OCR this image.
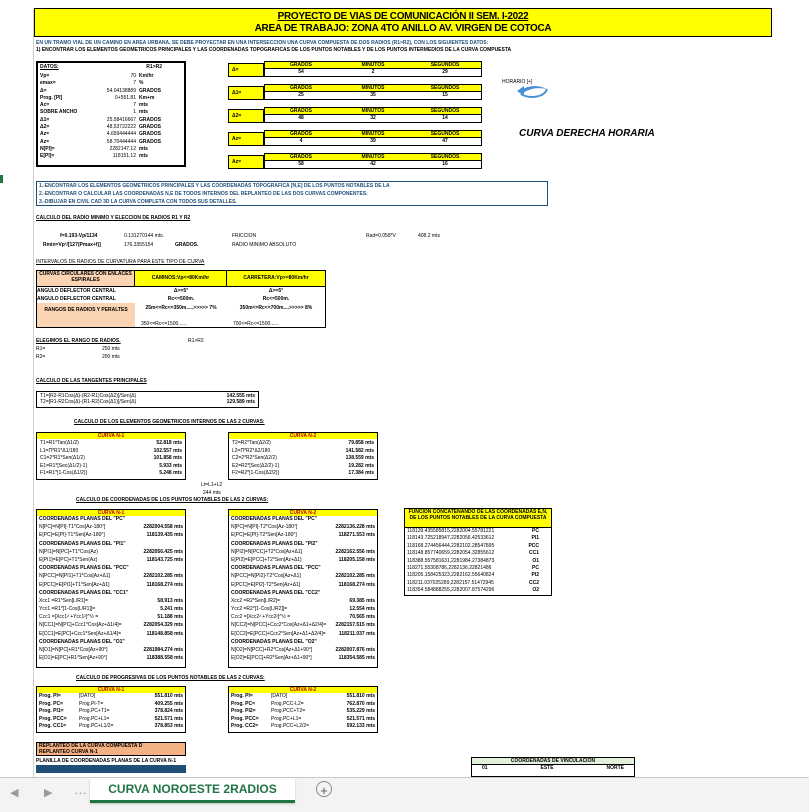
PROYECTO DE VIAS DE COMUNICACIÓN II SEM. I-2022
AREA DE TRABAJO: ZONA 4TO ANILLO AV. VIRGEN DE COTOCA
EN UN TRAMO VIAL DE UN CAMINO EN AREA URBANA, SE DEBE PROYECTAR EN UNA INTERSECCION UNA CURVA COMPUESTA DE DOS RADIOS (R1>R2), CON LOS SIGUIENTES DATOS:
1) ENCONTRAR LOS ELEMENTOS GEOMETRICOS PRINCIPALES Y LAS COORDENADAS TOPOGRAFICAS DE LOS PUNTOS NOTABLES Y DE LOS PUNTOS INTERMEDIOS DE LA CURVA COMPUESTA
DATOS:	R1>R2
Vp=	70 Km/hr
emax=	7 %
Δ=	54.04138889 GRADOS
Prog. [PI]	0+551.81 Km+m
Ac=	7 mts
SOBRE ANCHO	1 mts
Δ1=	25.58416667 GRADOS
Δ2=	48.53722222 GRADOS
Az=	4.659444444 GRADOS
Az=	58.70444444 GRADOS
N[PI]=	2282147.12 mts
E[PI]=	118151.12 mts
Δ=
GRADOS	MINUTOS	SEGUNDOS
54	2	29
Δ1=
GRADOS	MINUTOS	SEGUNDOS
25	35	15
Δ2=
GRADOS	MINUTOS	SEGUNDOS
48	32	14
Az=
GRADOS	MINUTOS	SEGUNDOS
4	39	47
Az=
GRADOS	MINUTOS	SEGUNDOS
58	42	16
HORARIO [+]
CURVA DERECHA HORARIA
1.-ENCONTRAR LOS ELEMENTOS GEOMETRICOS PRINCIPALES Y LAS COORDENADAS TOPOGRAFICA [N,E] DE LOS PUNTOS NOTABLES DE LA
2.-ENCONTRAR O CALCULAR LAS COORDENADAS N,E DE TODOS INTERNOS DEL REPLANTEO DE LAS DOS CURVAS COMPONENTES.
3.-DIBUJAR EN CIVIL CAD 3D LA CURVA COMPLETA CON TODOS SUS DETALLES.
CALCULO DEL RADIO MINIMO Y ELECCION DE RADIOS R1 Y R2
f=0.193-Vp/1134	0.131270144 mts.	FRICCION	Rad=0.058*V	408.2 mts
Rmin=Vp²/[127(Pmax+f)]	176.3355154	GRADOS.	RADIO MINIMO ABSOLUTO
INTERVALOS DE RADIOS DE CURVATURA PARA ESTE TIPO DE CURVA
CURVAS CIRCULARES CON ENLACES ESPIRALES	CAMINOS:Vp<=80Km/hr	CARRETERA:Vp>=80Km/hr
ANGULO DEFLECTOR CENTRAL	Δ>=5°	Δ>=5°
ANGULO DEFLECTOR CENTRAL	Rc<=500m.	Rc<=500m.
RANGOS DE RADIOS Y PERALTES	25m<=Rc<=350m.....>>>>> 7%	350m<=Rc<=700m....>>>>> 8%
350<=Rc<=1500......	700<=Rc<=1500......
ELEGIMOS EL RANGO DE RADIOS.	R1>R2
R1=	250 mts
R2=	200 mts
CALCULO DE LAS TANGENTES PRINCIPALES
T1=[R2-R1Cos(Δ)-(R2-R1)Cos(Δ2)]/Sen(Δ)	142.555 mts
T2=[R1-R2Cos(Δ)-(R1-R2)Cos(Δ1)]/Sen(Δ)	129.589 mts
CALCULO DE LOS ELEMENTOS GEOMETRICOS INTERNOS DE LAS 2 CURVAS:
CURVA N-1
T1=R1*Tan(Δ1/2)	52.818 mts
L1=Π*R1*Δ1/180	102.557 mts
C1=2*R1*Sen(Δ1/2)	101.858 mts
E1=R1*[Sec(Δ1/2)-1]	5.933 mts
F1=R1*[1-Cos(Δ1/2)]	5.248 mts
CURVA N-2
T2=R2*Tan(Δ2/2)	79.858 mts
L2=Π*R2*Δ2/180	141.582 mts
C2=2*R2*Sen(Δ2/2)	138.559 mts
E2=R2*[Sec(Δ2/2)-1]	19.282 mts
F2=R2*[1-Cos(Δ2/2)]	17.384 mts
Lt=L1+L2
244 mts
CALCULO DE COORDENADAS DE LOS PUNTOS NOTABLES DE LAS 2 CURVAS:
CURVA N-1
COORDENADAS PLANAS DEL "PC"
N[PC]=N[PI]-T1*Cos[Az-180°]	2282004.558 mts
E[PC]=E[PI]-T1*Sen[Az-180°]	118139.435 mts
COORDENADAS PLANAS DEL "PI1"
N[PI1]=N[PC]+T1*Cos(Az)	2282056.425 mts
E[PI1]=E[PC]+T1*Sen(Az)	118143.725 mts
COORDENADAS PLANAS DEL "PCC"
N[PCC]=N[PI1]+T1*Cos[Az+Δ1]	2282102.285 mts
E[PCC]=E[PI1]+T1*Sen[Az+Δ1]	118168.274 mts
COORDENADAS PLANAS DEL "CC1"
Xcc1 =R1*Sen[L/R1]=	58.913 mts
Ycc1 =R1*[1-Cos[L/R1]]=	5.241 mts
Ccc1 =[Xcc1² +Ycc1²]^½ =	51.188 mts
N[CC1]=N[PC]+Ccc1*Cos[Az+Δ1/4]=	2282054.329 mts
E[CC1]=E[PC]+Ccc1*Sen[Az+Δ1/4]=	118148.858 mts
COORDENADAS PLANAS DEL "O1"
N[O1]=N[PC]+R1*Cos[Az+90°]	2281984.274 mts
E[O1]=E[PC]+R1*Sen[Az+90°]	118388.558 mts
CURVA N-2
COORDENADAS PLANAS DEL "PC"
N[PC]=N[PI]-T2*Cos[Az-180°]	2282136.228 mts
E[PC]=E[PI]-T2*Sen[Az-180°]	118271.553 mts
COORDENADAS PLANAS DEL "PI2"
N[PI2]=N[PCC]+T2*Cos[Az+Δ1]	2282162.556 mts
E[PI2]=E[PCC]+T2*Sen[Az+Δ1]	118205.158 mts
COORDENADAS PLANAS DEL "PCC"
N[PCC]=N[PI2]-T2*Cos[Az+Δ1]	2282102.285 mts
E[PCC]=E[PI2]-T2*Sen[Az+Δ1]	118168.274 mts
COORDENADAS PLANAS DEL "CC2"
Xcc2 =R2*Sen[L/R2]=	69.385 mts
Ycc2 =R2*[1-Cos[L/R2]]=	12.554 mts
Ccc2 =[Xcc2² +Ycc2²]^½ =	70.565 mts
N[CC2]=N[PCC]+Ccc2*Cos[Az+Δ1+Δ2/4]= 2282157.515 mts
E[CC2]=E[PCC]+Ccc2*Sen[Az+Δ1+Δ2/4]=	118211.037 mts
COORDENADAS PLANAS DEL "O2"
N[O2]=N[PCC]+R2*Cos[Az+Δ1+90°]	2282007.876 mts
E[O2]=E[PCC]+R2*Sen[Az+Δ1+90°]	118354.585 mts
FUNCION CONCATENANDO DE LAS COORDENADAS E,N, DE LOS PUNTOS NOTABLES DE LA CURVA COMPUESTA
118139.435585815,2282004.55781221	PC
118143.725218947,2282056.42533612	PI1
118168.274456444,2282102.28547895	PCC
118148.857740659,2282054.32855612	CC1
118388.557581631,2281984.27384873	O1
118271.55308786,2282136.22821486	PC
118205.158425323,2282162.55640824	PI2
118211.037025289,2282157.51472945	CC2
118354.584888255,2282007.87574296	O2
CALCULO DE PROGRESIVAS DE LOS PUNTOS NOTABLES DE LAS 2 CURVAS:
CURVA N-1
Prog. PI=	[DATO]	551.810 mts
Prog. PC=	Prog.PI-T=	409.255 mts
Prog. PI1=	Prog.PC+T1=	378.824 mts
Prog. PCC=	Prog.PC+L1=	521.571 mts
Prog. CC1=	Prog.PC+L1/2=	378.853 mts
CURVA N-2
Prog. PI=	[DATO]	551.810 mts
Prog. PC=	Prog.PCC-L2=	762.870 mts
Prog. PI2=	Prog.PCC+T2=	535.229 mts
Prog. PCC=	Prog.PC+L1=	521.571 mts
Prog. CC2=	Prog.PCC+L2/2=	592.133 mts
REPLANTEO DE LA CURVA COMPUESTA D
REPLANTEO CURVA N-1
PLANILLA DE COORDENADAS PLANAS DE LA CURVA N-1	COORDENADAS DE VINCULACION
01	ESTE	NORTE
◀ ▶ …	CURVA NOROESTE 2RADIOS	+
